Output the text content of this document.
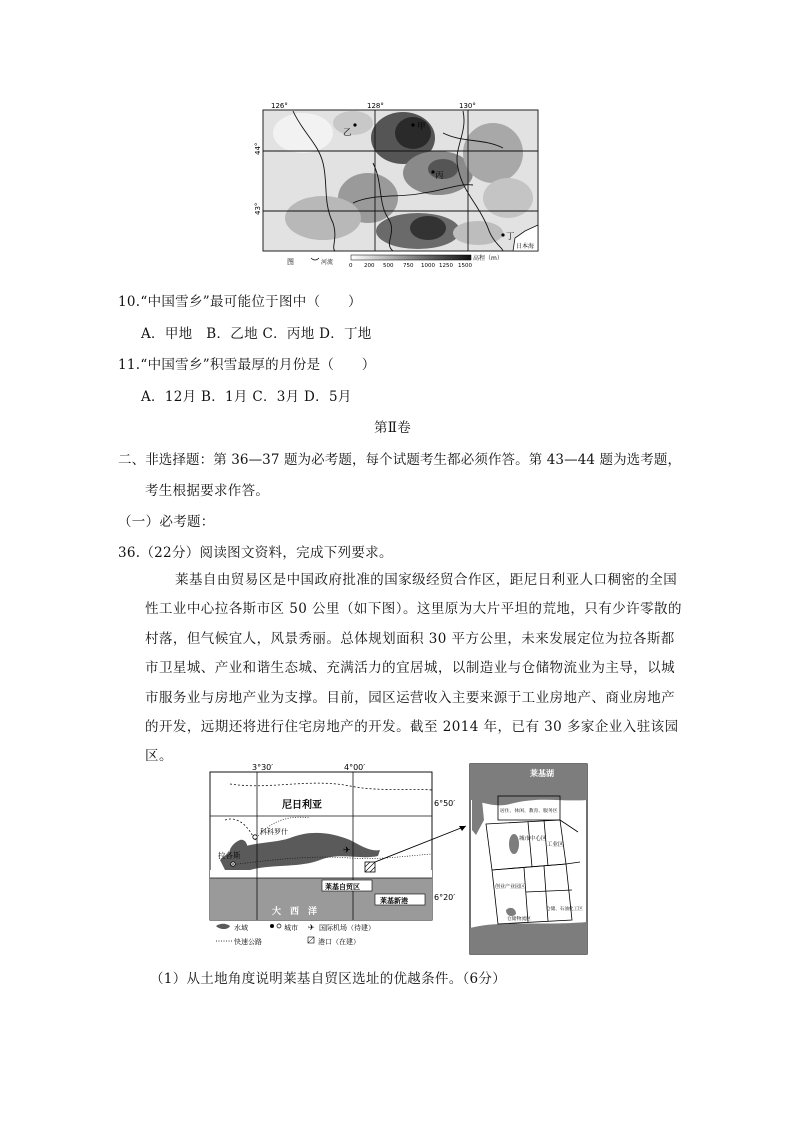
126°	128°	130°
44°
43°
甲
乙
丙
丁
日本海
图	河流	0 200 500 750 1000 1250 1500
高程（m）
10.“中国雪乡”最可能位于图中（　　）
A．甲地　B．乙地 C．丙地 D．丁地
11.“中国雪乡”积雪最厚的月份是（　　）
A．12月 B．1月 C．3月 D．5月
第Ⅱ卷
二、非选择题：第 36—37 题为必考题，每个试题考生都必须作答。第 43—44 题为选考题，
考生根据要求作答。
（一）必考题：
36.（22分）阅读图文资料，完成下列要求。
莱基自由贸易区是中国政府批准的国家级经贸合作区，距尼日利亚人口稠密的全国性工业中心拉各斯市区 50 公里（如下图）。这里原为大片平坦的荒地，只有少许零散的村落，但气候宜人，风景秀丽。总体规划面积 30 平方公里，未来发展定位为拉各斯都市卫星城、产业和谐生态城、充满活力的宜居城，以制造业与仓储物流业为主导，以城市服务业与房地产业为支撑。目前，园区运营收入主要来源于工业房地产、商业房地产的开发，远期还将进行住宅房地产的开发。截至 2014 年，已有 30 多家企业入驻该园区。
✈
3°30′	4°00′
6°50′
6°20′
尼日利亚
科科罗什
拉各斯
莱基自贸区
莱基新港
大　西　洋
水域	城市 ✈ 国际机场（待建）
快速公路	港口（在建）
莱基湖
居住、休闲、教育、服务区
城市中心区
工业区
创业产业园区
仓储物流区
仓储、石油化工区
（1）从土地角度说明莱基自贸区选址的优越条件。（6分）
